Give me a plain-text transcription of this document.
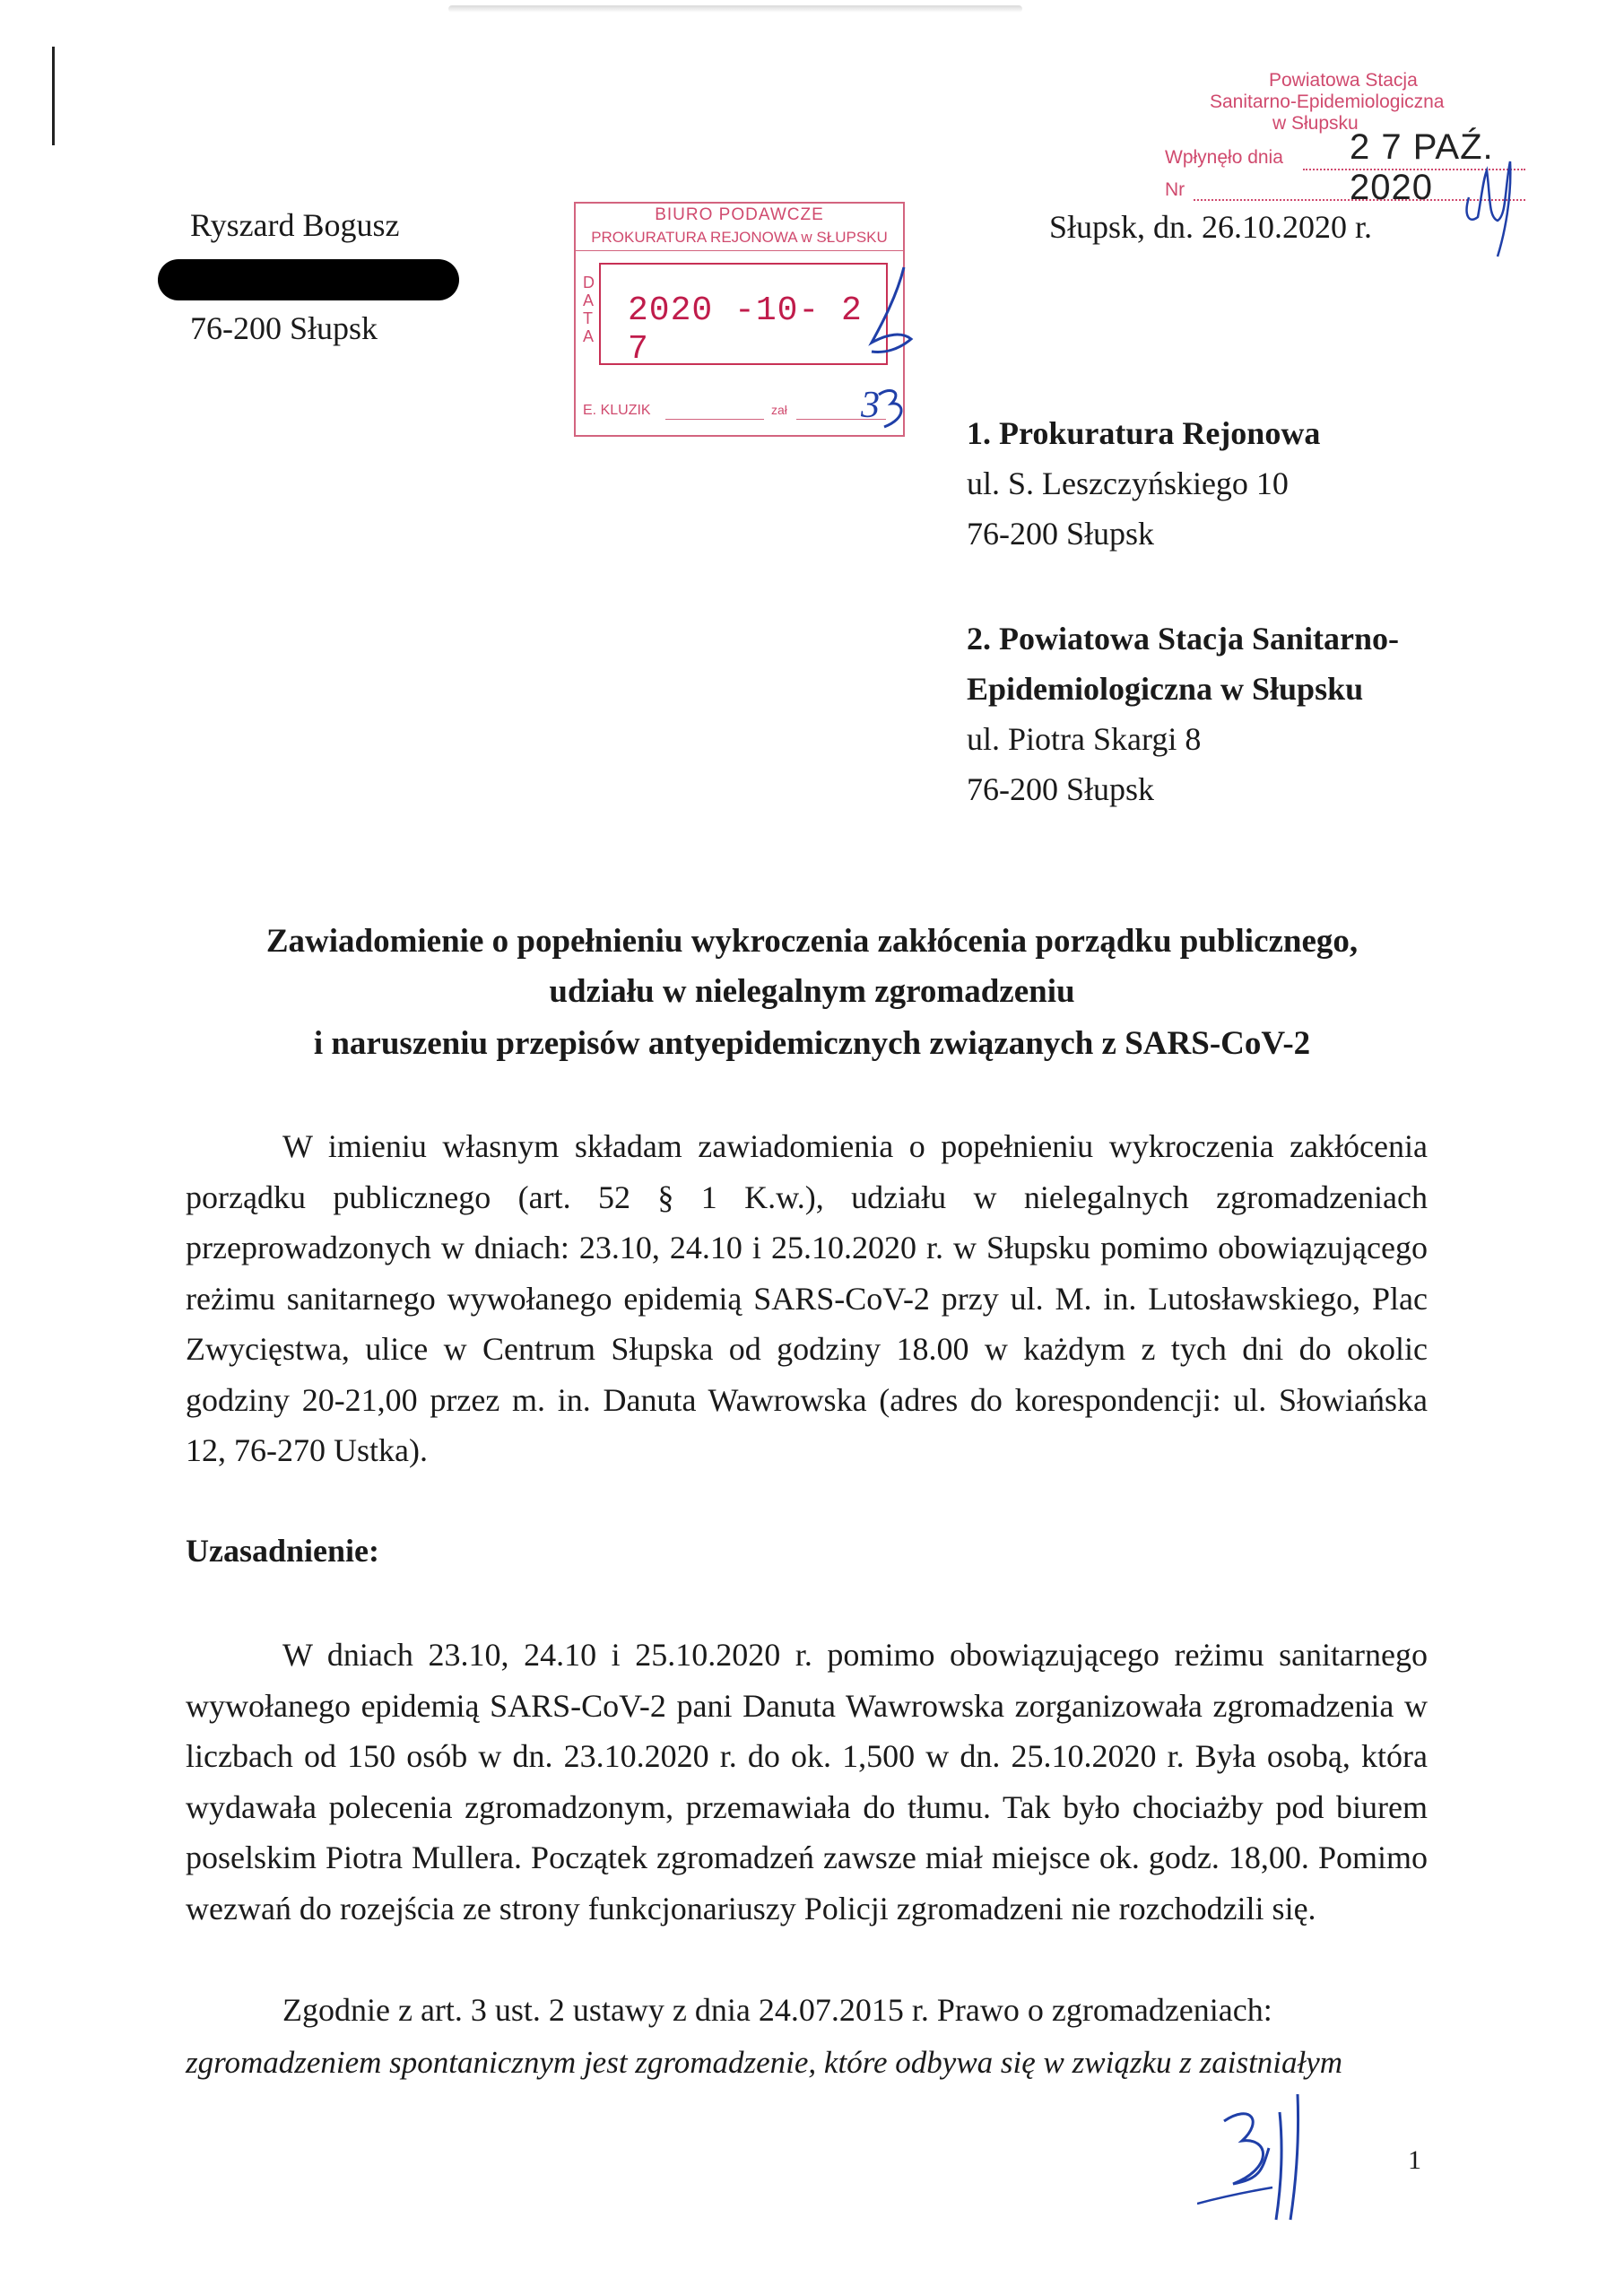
Ryszard Bogusz
76-200 Słupsk
BIURO PODAWCZE
PROKURATURA REJONOWA w SŁUPSKU
DATA
2020 -10- 2 7
E. KLUZIK	zał 3
Powiatowa Stacja
Sanitarno-Epidemiologiczna
w Słupsku
Wpłynęło dnia 2 7 PAŹ. 2020
Nr
Słupsk, dn. 26.10.2020 r.
1. Prokuratura Rejonowa
ul. S. Leszczyńskiego 10
76-200 Słupsk
2. Powiatowa Stacja Sanitarno-
Epidemiologiczna w Słupsku
ul. Piotra Skargi 8
76-200 Słupsk
Zawiadomienie o popełnieniu wykroczenia zakłócenia porządku publicznego,
udziału w nielegalnym zgromadzeniu
i naruszeniu przepisów antyepidemicznych związanych z SARS-CoV-2

W imieniu własnym składam zawiadomienia o popełnieniu wykroczenia zakłócenia porządku publicznego (art. 52 § 1 K.w.), udziału w nielegalnych zgromadzeniach przeprowadzonych w dniach: 23.10, 24.10 i 25.10.2020 r. w Słupsku pomimo obowiązującego reżimu sanitarnego wywołanego epidemią SARS-CoV-2 przy ul. M. in. Lutosławskiego, Plac Zwycięstwa, ulice w Centrum Słupska od godziny 18.00 w każdym z tych dni do okolic godziny 20-21,00 przez m. in. Danuta Wawrowska (adres do korespondencji: ul. Słowiańska 12, 76-270 Ustka).

Uzasadnienie:

W dniach 23.10, 24.10 i 25.10.2020 r. pomimo obowiązującego reżimu sanitarnego wywołanego epidemią SARS-CoV-2 pani Danuta Wawrowska zorganizowała zgromadzenia w liczbach od 150 osób w dn. 23.10.2020 r. do ok. 1,500 w dn. 25.10.2020 r. Była osobą, która wydawała polecenia zgromadzonym, przemawiała do tłumu. Tak było chociażby pod biurem poselskim Piotra Mullera. Początek zgromadzeń zawsze miał miejsce ok. godz. 18,00. Pomimo wezwań do rozejścia ze strony funkcjonariuszy Policji zgromadzeni nie rozchodzili się.

Zgodnie z art. 3 ust. 2 ustawy z dnia 24.07.2015 r. Prawo o zgromadzeniach:

zgromadzeniem spontanicznym jest zgromadzenie, które odbywa się w związku z zaistniałym
1
